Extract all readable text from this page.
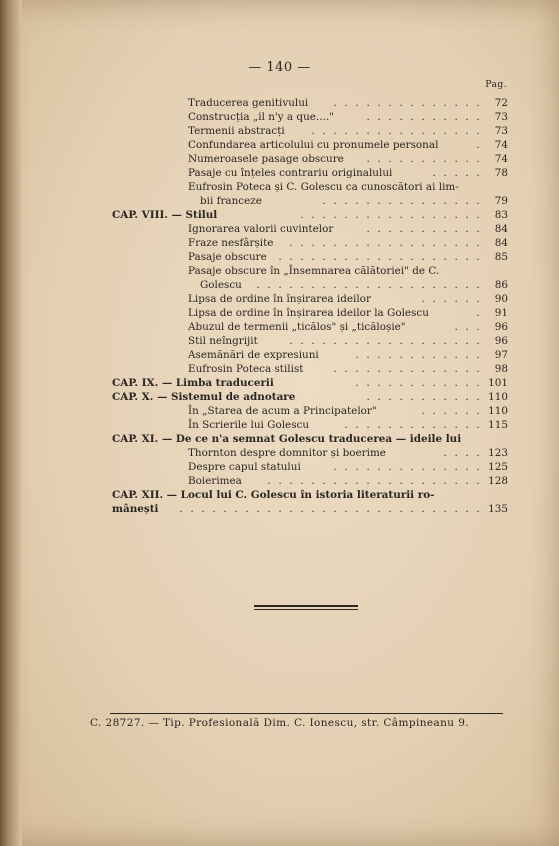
— 140 —
Pag.
Traducerea genitivului . . . . . . . . . . . . . .	72
Construcția „il n'y a que...."	. . . . . . . . . . .	73
Termenii abstracți	. . . . . . . . . . . . . . . .	73
Confundarea articolului cu pronumele personal	.	74
Numeroasele pasage obscure . . . . . . . . . . .	74
Pasaje cu înțeles contrariu originalului	. . . . .	78
Eufrosin Poteca și C. Golescu ca cunoscători ai lim-
bii franceze	. . . . . . . . . . . . . . .	79
CAP. VIII. — Stilul	. . . . . . . . . . . . . . . . .	83
Ignorarea valorii cuvintelor	. . . . . . . . . . .	84
Fraze nesfârșite . . . . . . . . . . . . . . . . . .	84
Pasaje obscure . . . . . . . . . . . . . . . . . . .	85
Pasaje obscure în „Însemnarea călătoriei" de C.
Golescu . . . . . . . . . . . . . . . . . . . . .	86
Lipsa de ordine în înșirarea ideilor	. . . . . .	90
Lipsa de ordine în înșirarea ideilor la Golescu	.	91
Abuzul de termenii „ticălos" și „ticăloșie"	. . .	96
Stil neîngrijit	. . . . . . . . . . . . . . . . . .	96
Asemănări de expresiuni	. . . . . . . . . . . .	97
Eufrosin Poteca stilist	. . . . . . . . . . . . . .	98
CAP. IX. — Limba traducerii	. . . . . . . . . . . . 101
CAP. X. — Sistemul de adnotare	. . . . . . . . . . . 110
În „Starea de acum a Principatelor"	. . . . . . 110
În Scrierile lui Golescu	. . . . . . . . . . . . . 115
CAP. XI. — De ce n'a semnat Golescu traducerea — ideile lui
Thornton despre domnitor și boerime	. . . . 123
Despre capul statului	. . . . . . . . . . . . . . 125
Boierimea . . . . . . . . . . . . . . . . . . . . 128
CAP. XII. — Locul lui C. Golescu în istoria literaturii ro-
mânești . . . . . . . . . . . . . . . . . . . . . . . . . . . . 135
C. 28727. — Tip. Profesională Dim. C. Ionescu, str. Câmpineanu 9.
